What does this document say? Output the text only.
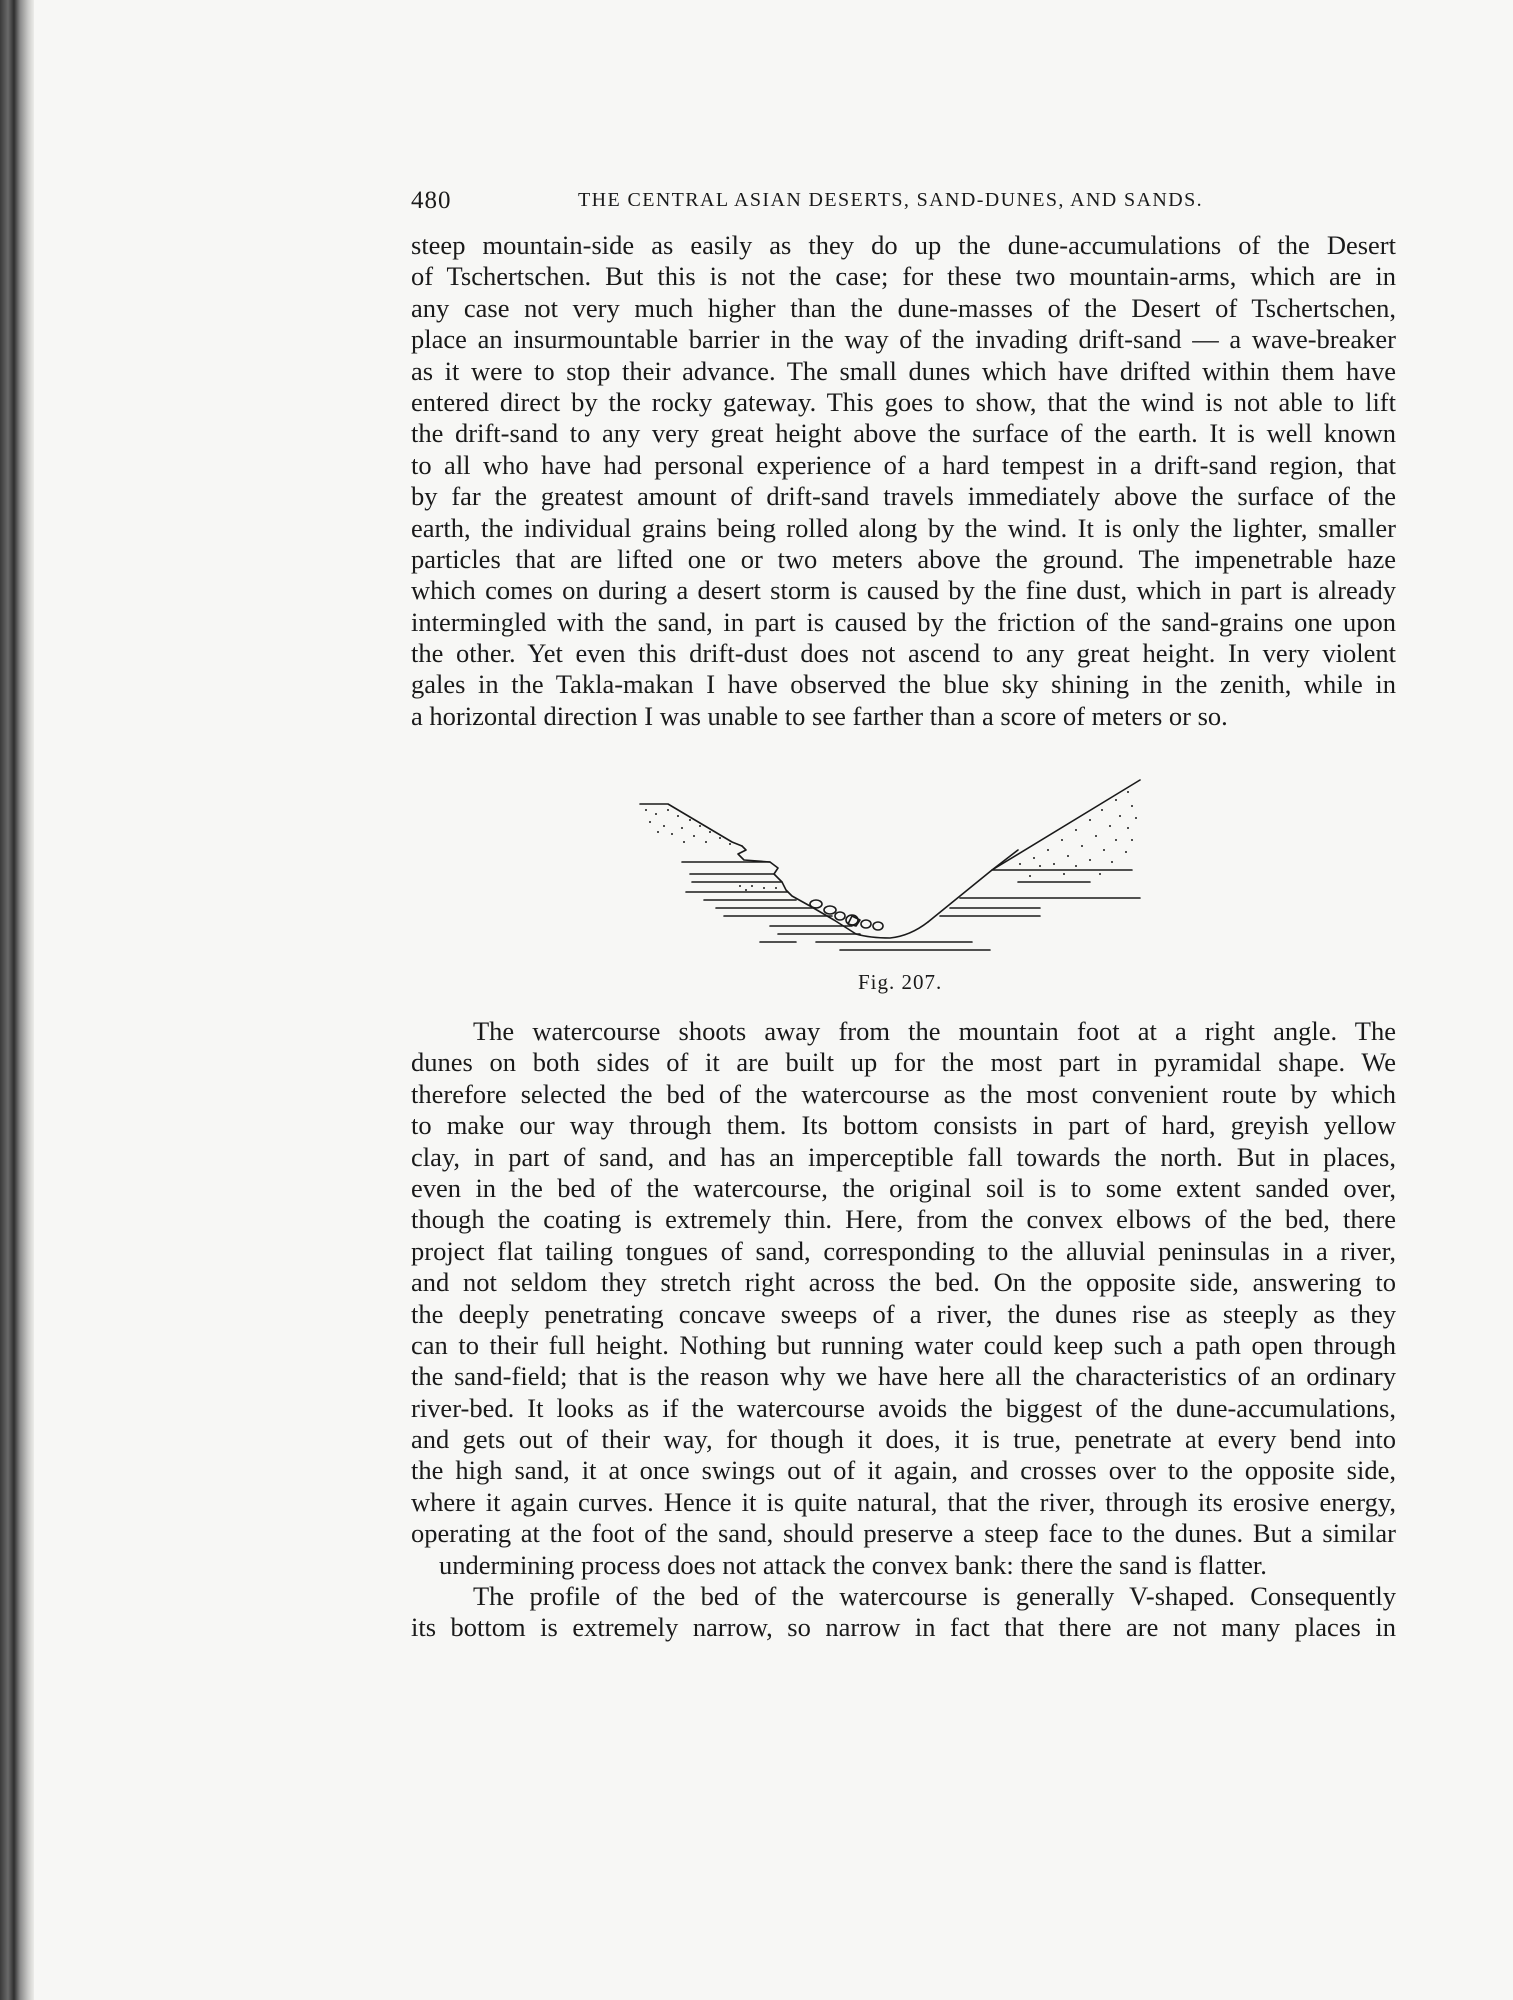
480	THE CENTRAL ASIAN DESERTS, SAND-DUNES, AND SANDS.
steep mountain-side as easily as they do up the dune-accumulations of the Desert
of Tschertschen. But this is not the case; for these two mountain-arms, which are in
any case not very much higher than the dune-masses of the Desert of Tschertschen,
place an insurmountable barrier in the way of the invading drift-sand — a wave-breaker
as it were to stop their advance. The small dunes which have drifted within them have
entered direct by the rocky gateway. This goes to show, that the wind is not able to lift
the drift-sand to any very great height above the surface of the earth. It is well known
to all who have had personal experience of a hard tempest in a drift-sand region, that
by far the greatest amount of drift-sand travels immediately above the surface of the
earth, the individual grains being rolled along by the wind. It is only the lighter, smaller
particles that are lifted one or two meters above the ground. The impenetrable haze
which comes on during a desert storm is caused by the fine dust, which in part is already
intermingled with the sand, in part is caused by the friction of the sand-grains one upon
the other. Yet even this drift-dust does not ascend to any great height. In very violent
gales in the Takla-makan I have observed the blue sky shining in the zenith, while in
a horizontal direction I was unable to see farther than a score of meters or so.
Fig. 207.
The watercourse shoots away from the mountain foot at a right angle. The
dunes on both sides of it are built up for the most part in pyramidal shape. We
therefore selected the bed of the watercourse as the most convenient route by which
to make our way through them. Its bottom consists in part of hard, greyish yellow
clay, in part of sand, and has an imperceptible fall towards the north. But in places,
even in the bed of the watercourse, the original soil is to some extent sanded over,
though the coating is extremely thin. Here, from the convex elbows of the bed, there
project flat tailing tongues of sand, corresponding to the alluvial peninsulas in a river,
and not seldom they stretch right across the bed. On the opposite side, answering to
the deeply penetrating concave sweeps of a river, the dunes rise as steeply as they
can to their full height. Nothing but running water could keep such a path open through
the sand-field; that is the reason why we have here all the characteristics of an ordinary
river-bed. It looks as if the watercourse avoids the biggest of the dune-accumulations,
and gets out of their way, for though it does, it is true, penetrate at every bend into
the high sand, it at once swings out of it again, and crosses over to the opposite side,
where it again curves. Hence it is quite natural, that the river, through its erosive energy,
operating at the foot of the sand, should preserve a steep face to the dunes. But a similar
undermining process does not attack the convex bank: there the sand is flatter.
The profile of the bed of the watercourse is generally V-shaped. Consequently
its bottom is extremely narrow, so narrow in fact that there are not many places in
